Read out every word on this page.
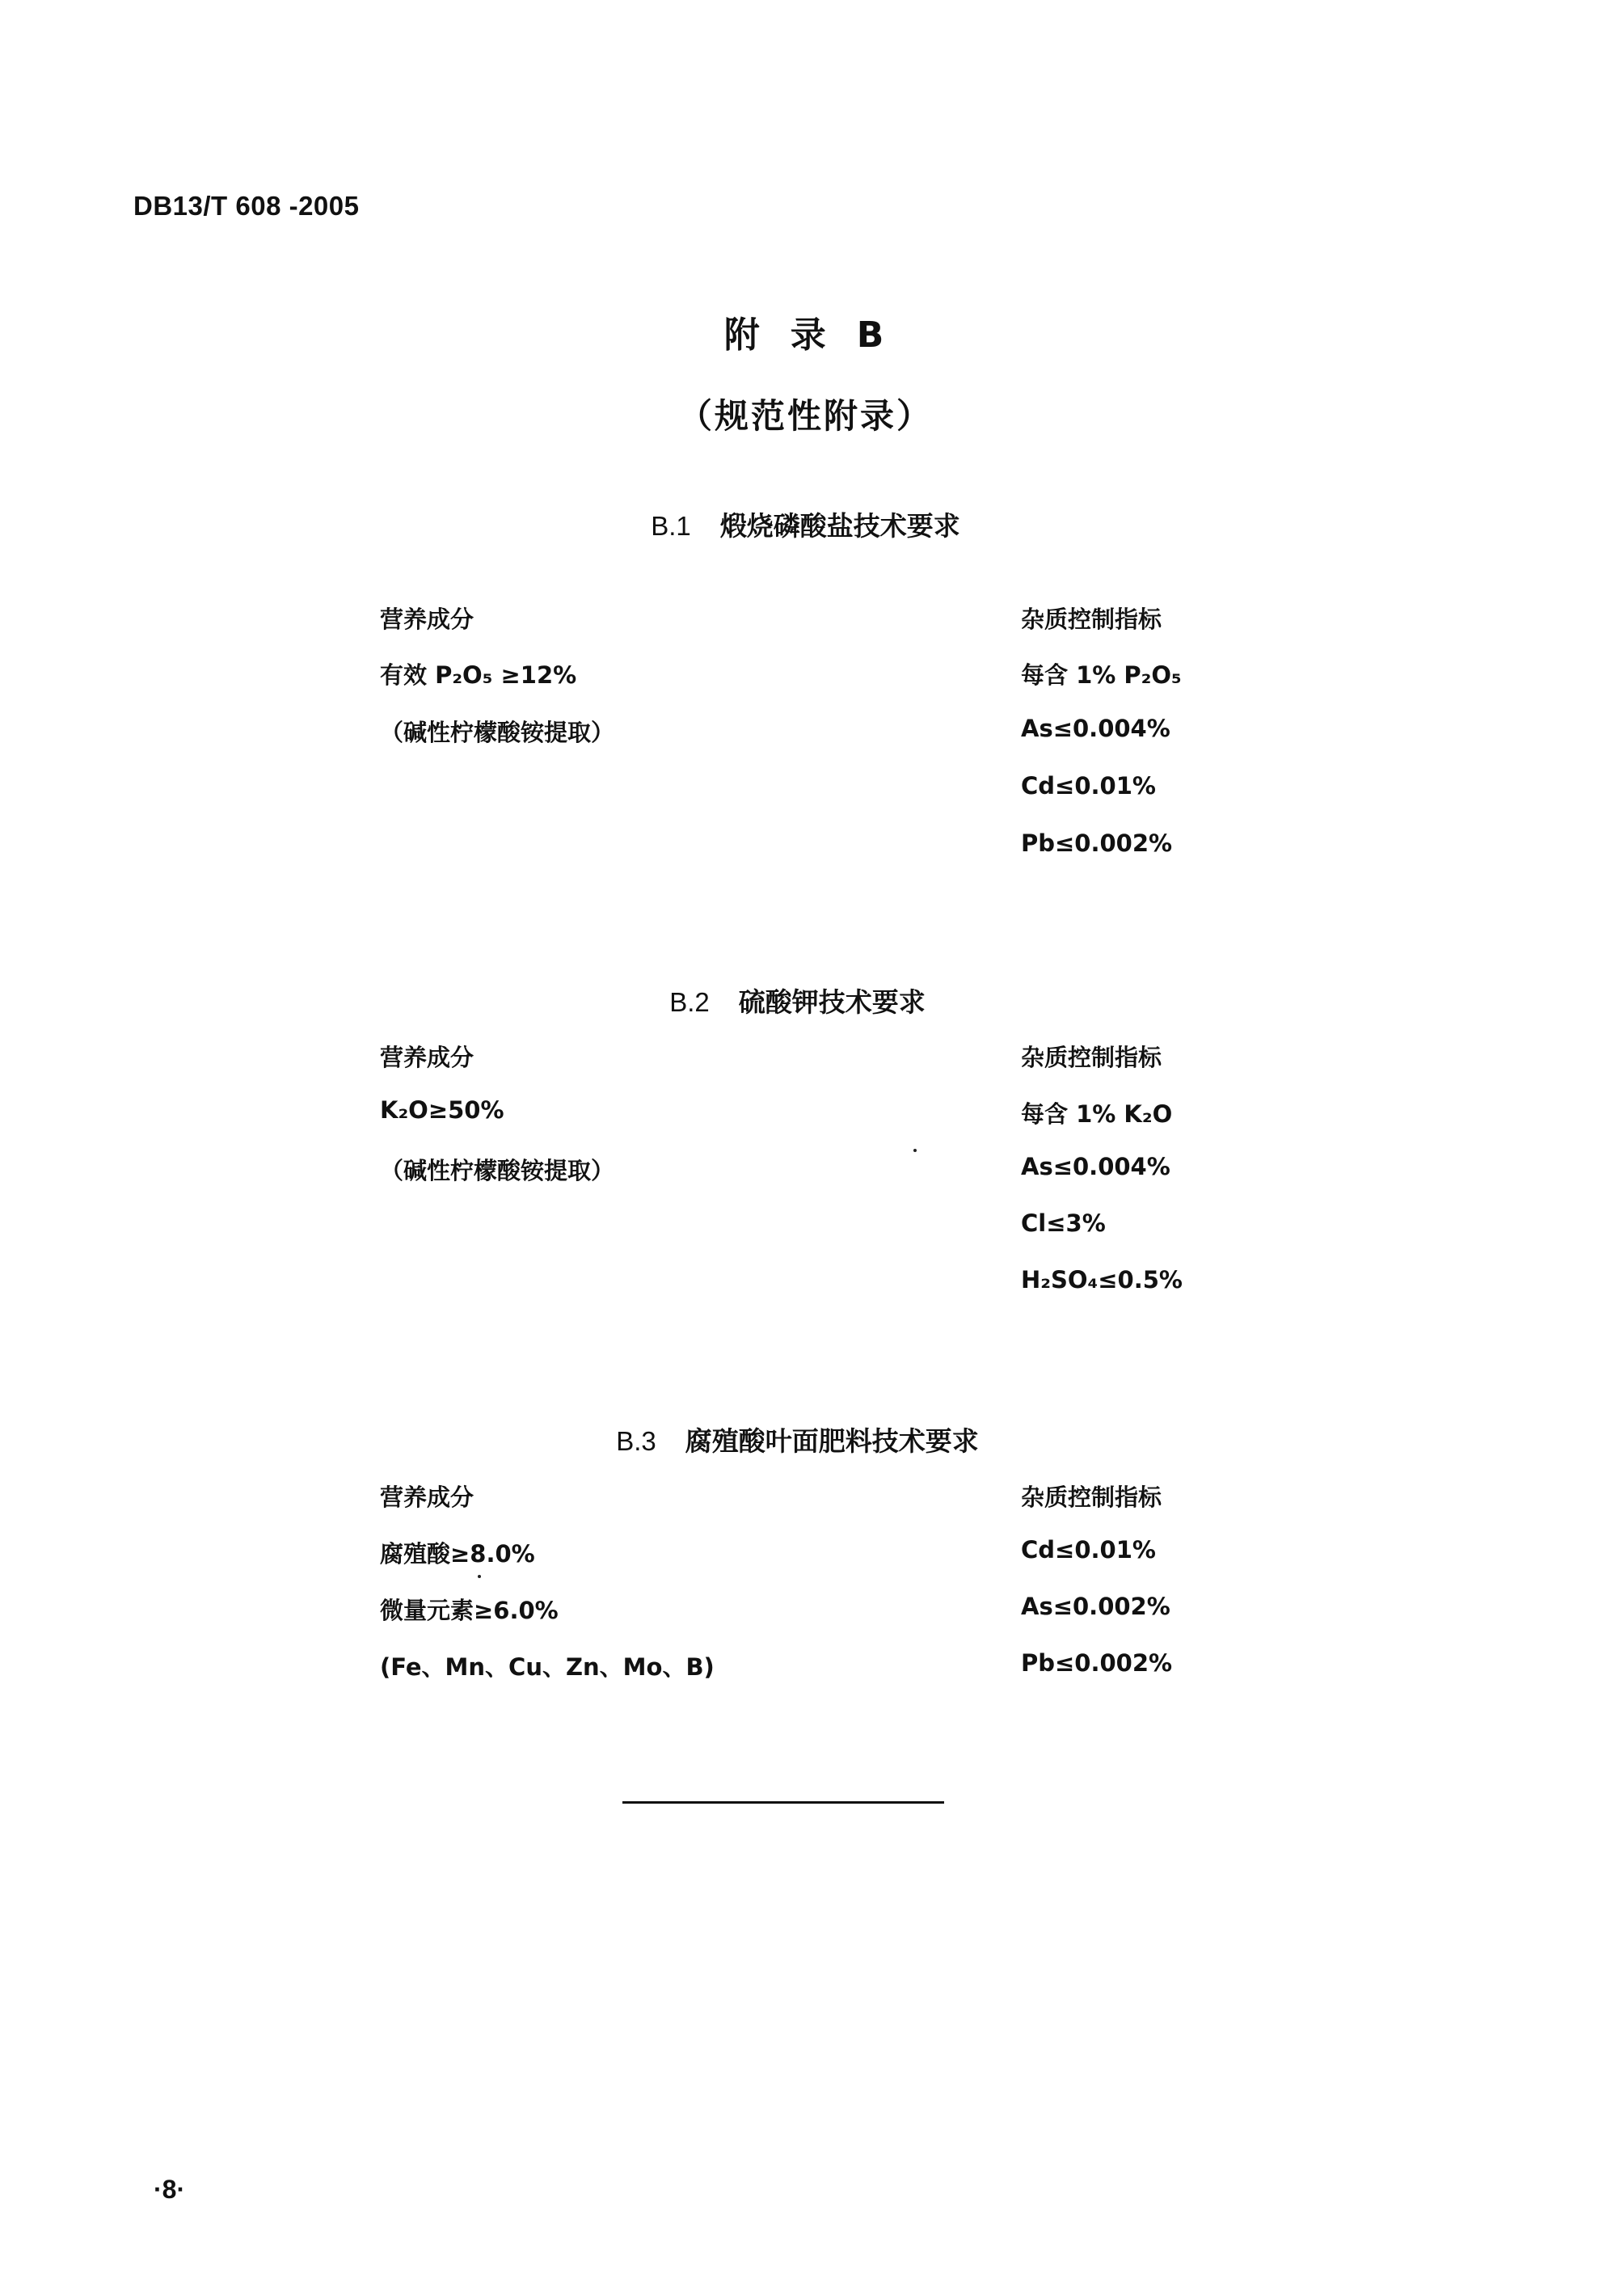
DB13/T 608 -2005
附 录 B
（规范性附录）
B.1 煅烧磷酸盐技术要求
营养成分
有效 P₂O₅ ≥12%
（碱性柠檬酸铵提取）
杂质控制指标
每含 1% P₂O₅
As≤0.004%
Cd≤0.01%
Pb≤0.002%
B.2 硫酸钾技术要求
营养成分
K₂O≥50%
（碱性柠檬酸铵提取）
杂质控制指标
每含 1% K₂O
As≤0.004%
Cl≤3%
H₂SO₄≤0.5%
B.3 腐殖酸叶面肥料技术要求
营养成分
腐殖酸≥8.0%
微量元素≥6.0%
(Fe、Mn、Cu、Zn、Mo、B)
杂质控制指标
Cd≤0.01%
As≤0.002%
Pb≤0.002%
·8·
